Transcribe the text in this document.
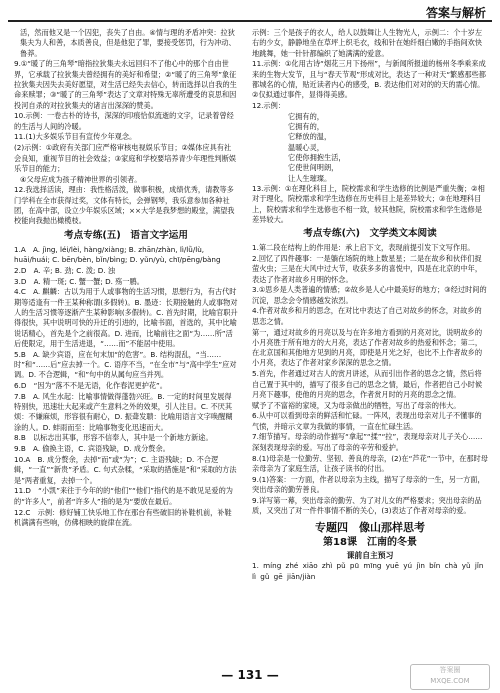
答案与解析
活，然而他又是一个囚犯，丧失了自由。④情与理的矛盾冲突：拉狄集夫为人和善，本质善良，但是他犯了罪，要接受惩罚，行为冲动、鲁莽。
9.①“暖了的三角琴”暗指拉狄集夫永远回归不了他心中的那个自由世界，它承载了拉狄集夫曾经拥有的美好和希望；②“暖了的三角琴”象征拉狄集夫因失去美好愿望，对生活已经失去信心，转而选择以自我的生命来赎罪；③“暖了的三角琴”表达了文章对特殊无辜所遭受的哀思和因投河自杀的对拉狄集夫的诸言出深深的赞美。
10.示例：一卷古朴的诗书，深深的印痕恰似流逝的文字，记录着曾经的生活与人间的冷暖。
11.(1)大多娱乐节目有宣传少年观念。
(2)示例：①政府有关部门应严格审核电视娱乐节目；②媒体应具有社会良知，重视节目的社会效益；③家庭和学校要培养青少年理性判断娱乐节目的能力；
④父母应成为孩子精神世界的引领者。
12.我选择活读，理由：我性格活泼，做事积极，成绩优秀，请教等多门学科在全市获得过奖，文体有特长，会弹钢琴，我乐意参加各种社团，在高中部，设立少年娱乐区域；××大学是我梦想的殿堂，满望我校能向我抛出橄榄枝。
考点专练(五)　语言文字运用
1.A　A. jìng, léi/lèi, hàng/xiàng; B. zhān/zhàn, lì/lǜ/lù, huāi/huái; C. bēn/bèn, bǐn/bìng; D. yǔn/yù, chī/pēng/bàng
2.D　A. 辛; B. 劲; C. 泼; D. 浊
3.D　A. 精一斑; C. 蟹一蟹; D. 殇一鹛。
4.C　A. 麒麟：古以为用于人或事物的生活习惯，思想行为，有古代时期等适逢有一件王某种称谓(多假转)。B. 墨迹：长期接触的人或事物对人的生活习惯等逐渐产生某种影响(多假转)。C. 首先时期，比喻官职升得很快，其中说明可快的升迁的引进的，比喻书面，首选的，其中比喻说话精心，首先是个之前很高。D. 进而，比喻前往之面“为……所”活后使限定，用于生活进退，“……而”不能居中使用。
5.B　A. 缺少宾语，应在句末加“的危害”。B. 结构混乱，“当……时”和“……后”应去掉一个。C. 语序不当，“在全市”与“高中学生”应对调。D. 不合逻辑，“和”句中的从属句应当并列。
6.D　“因为”落不不是无语，化作春泥更护花”。
7.B　A. 风生水起：比喻事情做得蓬勃兴旺。B. 一定的时间里发展得特别快，迅速壮大起来或产生意料之外的效果，引人注目。C. 不厌其烦：不嫌麻烦，形容很有耐心，D. 振聋发聩：比喻用语言文字唤醒糊涂的人。D. 蚌雨而至：比喻事物变化迅速而大。
8.B　以标志出其事，形容不信奉人，其中是一个新地方新途。
9.B　A. 偷换主语，C. 宾语残缺，D. 成分赘余。
10.A　B. 成分赘余，去掉“而”或“为”；C. 主语残缺；D. 不合逻辑，“一直”“新贵”矛盾。C. 句式杂糅，“采取的措施是”和“采取的方法是”两者重复，去掉一个。
11.D　“小凯”来往于今年的的“他们”“他们”指代的是不敢见足爱的为的“许多人”，前者“许多人”指的是为“要放在最后。
12.C　示例：修好铺工快乐地工作在那台有些破旧的补鞋机前，补鞋机满满有些响，仿佛相映的旋律在流。
示例：三个是孩子的衣人，给人以鼓舞让人生物光人，示例二：个十岁左右的少女，静静地坐在草坪上织毛衣，线和针在她纤细白嫩的手指间欢快地跳舞，她一针针都编织了她满满的爱意。
11.示例：①化用古诗“烟花三月下扬州”，与新闻所报道的杨州冬季乘来成来的生物大发节，且与“春天节观”形成对比，表达了一种对天“繁感那些都都城名的心情，贴近读者内心的感受，B. 表达他们对对的的天的需心情。②仅拟通过事件，显得得美感。
12.示例：
它拥有的，
它拥有的，
它释放的温，
温暖心灵，
它使你拥抱生活，
它使世间明朗，
让人生璀璨。
13.示例：①在理化科目上，院校需求和学生选修的比例是严重失衡；②相对于理化，院校需求和学生选修在历史科目上是差异较大；③在地理科目上，院校需求和学生选修也不相一致，较其他院，院校需求和学生选修是差异较大。
考点专练(六)　文学类文本阅读
1.第二段在结构上的作用是：承上启下文，表现前提引发下文写作用。
2.回忆了四件趣事：一是躺在场院的地上数星星；二是在故乡和伙伴们捉萤火虫；三是在大风中过大节，收获多多的喜悦中，四是在北京的中年，表达了作者对故乡月明的怀念。
3.①思乡是人类普遍的情感；②故乡是人心中最美好的地方；③经过时间的沉淀，思念会令情感越发浓烈。
4.作者对故乡和月的思念，在对比中表达了自己对故乡的怀念，对故乡的思恋之情。
第一，通过对故乡的月亮以及与在许多地方看到的月亮对比，说明故乡的小月亮胜于所有地方的大月亮，表达了作者对故乡的热爱和怀念；第二，在北京国和其他地方见到的月亮，即使是月光之好，也比不上作者故乡的小月亮，表达了作者对家乡深深的思念之情。
5.首先，作者通过对古人的赏月讲述，从而引出作者的思念之情，然后将自己置于其中的，描写了很多自己的思念之情，最后，作者把自己小时候月亮下趣事，使他的月亮的思念，作者赏月时的月亮的思念之情。
赋予了不富裕的家境，又为母亲做出的牺牲，写出了母亲的伟大。
6.从中可以看到母亲的鲜活和忙碌。一阵风，表现出母亲对儿子不懂事的气愤，并暗示文章为我做的事情，一直在忙碌生活。
7.细节描写。母亲的动作描写“拿起”“揉”“拉”，表现母亲对儿子关心……深刻表现母亲的爱。写出了母亲的辛劳和爱护。
8.(1)母亲是一位勤劳、坚韧、善良的母亲，(2)在“芦花”一节中，在那时母亲母亲为了家庭生活，让孩子读书的付出。
9.(1)答案：一方面，作者以母亲为主线，描写了母亲的一生，另一方面，突出母亲的勤劳善良。
9.详写第一幕，突出母亲的勤劳、为了对儿女的严格要求；突出母亲的品质，又突出了对一件件事情不断的关心，(3)表达了作者对母亲的爱。
专题四　像山那样思考
第18课　江南的冬景
课前自主预习
1. míng zhé xiāo zhì pǔ pū mīng yuē yú jìn bǐn chà yǔ jǐn lì gǔ gē jiān/jiàn
— 131 —	答案圈
MXQE.COM
